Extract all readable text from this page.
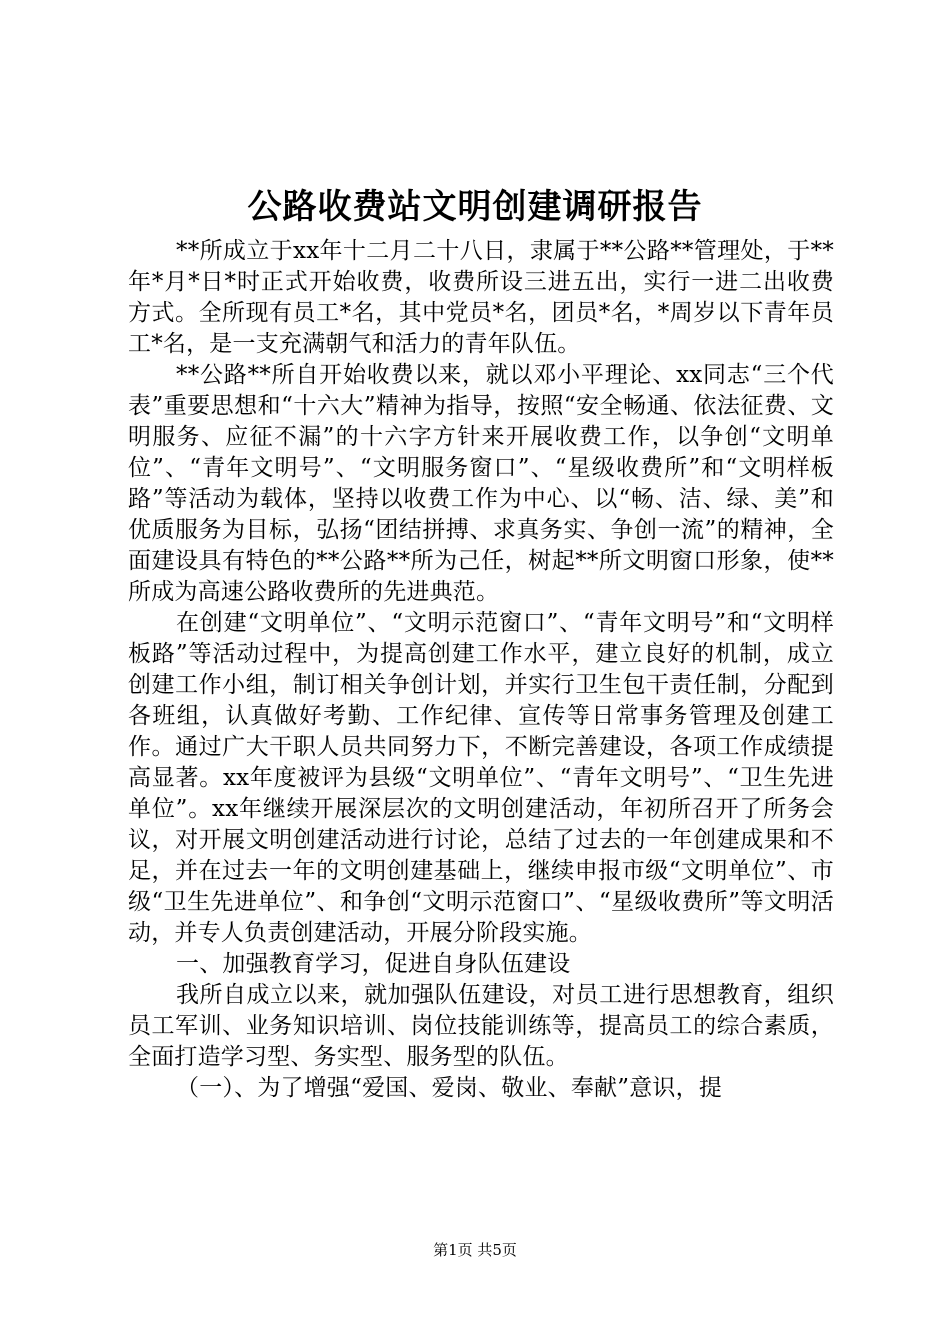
公路收费站文明创建调研报告

**所成立于xx年十二月二十八日，隶属于**公路**管理处，于**年*月*日*时正式开始收费，收费所设三进五出，实行一进二出收费方式。全所现有员工*名，其中党员*名，团员*名，*周岁以下青年员工*名，是一支充满朝气和活力的青年队伍。

**公路**所自开始收费以来，就以邓小平理论、xx同志“三个代表”重要思想和“十六大”精神为指导，按照“安全畅通、依法征费、文明服务、应征不漏”的十六字方针来开展收费工作，以争创“文明单位”、“青年文明号”、“文明服务窗口”、“星级收费所”和“文明样板路”等活动为载体，坚持以收费工作为中心、以“畅、洁、绿、美”和优质服务为目标，弘扬“团结拼搏、求真务实、争创一流”的精神，全面建设具有特色的**公路**所为己任，树起**所文明窗口形象，使**所成为高速公路收费所的先进典范。

在创建“文明单位”、“文明示范窗口”、“青年文明号”和“文明样板路”等活动过程中，为提高创建工作水平，建立良好的机制，成立创建工作小组，制订相关争创计划，并实行卫生包干责任制，分配到各班组，认真做好考勤、工作纪律、宣传等日常事务管理及创建工作。通过广大干职人员共同努力下，不断完善建设，各项工作成绩提高显著。xx年度被评为县级“文明单位”、“青年文明号”、“卫生先进单位”。xx年继续开展深层次的文明创建活动，年初所召开了所务会议，对开展文明创建活动进行讨论，总结了过去的一年创建成果和不足，并在过去一年的文明创建基础上，继续申报市级“文明单位”、市级“卫生先进单位”、和争创“文明示范窗口”、“星级收费所”等文明活动，并专人负责创建活动，开展分阶段实施。

一、加强教育学习，促进自身队伍建设

我所自成立以来，就加强队伍建设，对员工进行思想教育，组织员工军训、业务知识培训、岗位技能训练等，提高员工的综合素质，全面打造学习型、务实型、服务型的队伍。

（一）、为了增强“爱国、爱岗、敬业、奉献”意识，提

第1页 共5页
